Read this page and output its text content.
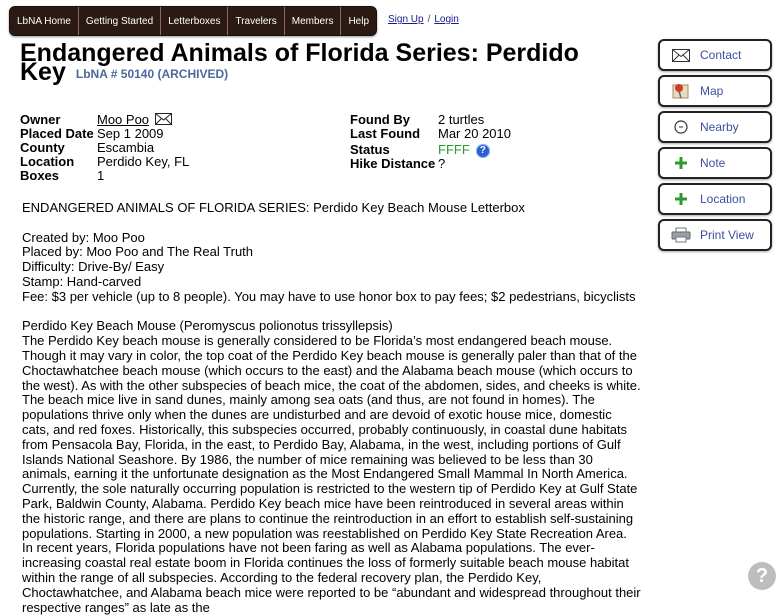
LbNA Home	Getting Started	Letterboxes	Travelers	Members	Help	Sign Up / Login
Endangered Animals of Florida Series: Perdido Key LbNA # 50140 (ARCHIVED)
Owner	Moo Poo
Placed Date Sep 1 2009
County	Escambia
Location	Perdido Key, FL
Boxes	1
Found By	2 turtles
Last Found	Mar 20 2010
Status	FFFF ?
Hike Distance ?

ENDANGERED ANIMALS OF FLORIDA SERIES: Perdido Key Beach Mouse Letterbox

Created by: Moo Poo

Placed by: Moo Poo and The Real Truth

Difficulty: Drive-By/ Easy

Stamp: Hand-carved

Fee: $3 per vehicle (up to 8 people). You may have to use honor box to pay fees; $2 pedestrians, bicyclists

Perdido Key Beach Mouse (Peromyscus polionotus trissyllepsis)

The Perdido Key beach mouse is generally considered to be Florida’s most endangered beach mouse. Though it may vary in color, the top coat of the Perdido Key beach mouse is generally paler than that of the Choctawhatchee beach mouse (which occurs to the east) and the Alabama beach mouse (which occurs to the west). As with the other subspecies of beach mice, the coat of the abdomen, sides, and cheeks is white. The beach mice live in sand dunes, mainly among sea oats (and thus, are not found in homes). The populations thrive only when the dunes are undisturbed and are devoid of exotic house mice, domestic cats, and red foxes. Historically, this subspecies occurred, probably continuously, in coastal dune habitats from Pensacola Bay, Florida, in the east, to Perdido Bay, Alabama, in the west, including portions of Gulf Islands National Seashore. By 1986, the number of mice remaining was believed to be less than 30 animals, earning it the unfortunate designation as the Most Endangered Small Mammal In North America. Currently, the sole naturally occurring population is restricted to the western tip of Perdido Key at Gulf State Park, Baldwin County, Alabama. Perdido Key beach mice have been reintroduced in several areas within the historic range, and there are plans to continue the reintroduction in an effort to establish self-sustaining populations. Starting in 2000, a new population was reestablished on Perdido Key State Recreation Area.

In recent years, Florida populations have not been faring as well as Alabama populations. The ever-increasing coastal real estate boom in Florida continues the loss of formerly suitable beach mouse habitat within the range of all subspecies. According to the federal recovery plan, the Perdido Key, Choctawhatchee, and Alabama beach mice were reported to be “abundant and widespread throughout their respective ranges” as late as the

Contact
Map
Nearby
Note
Location
Print View
?
